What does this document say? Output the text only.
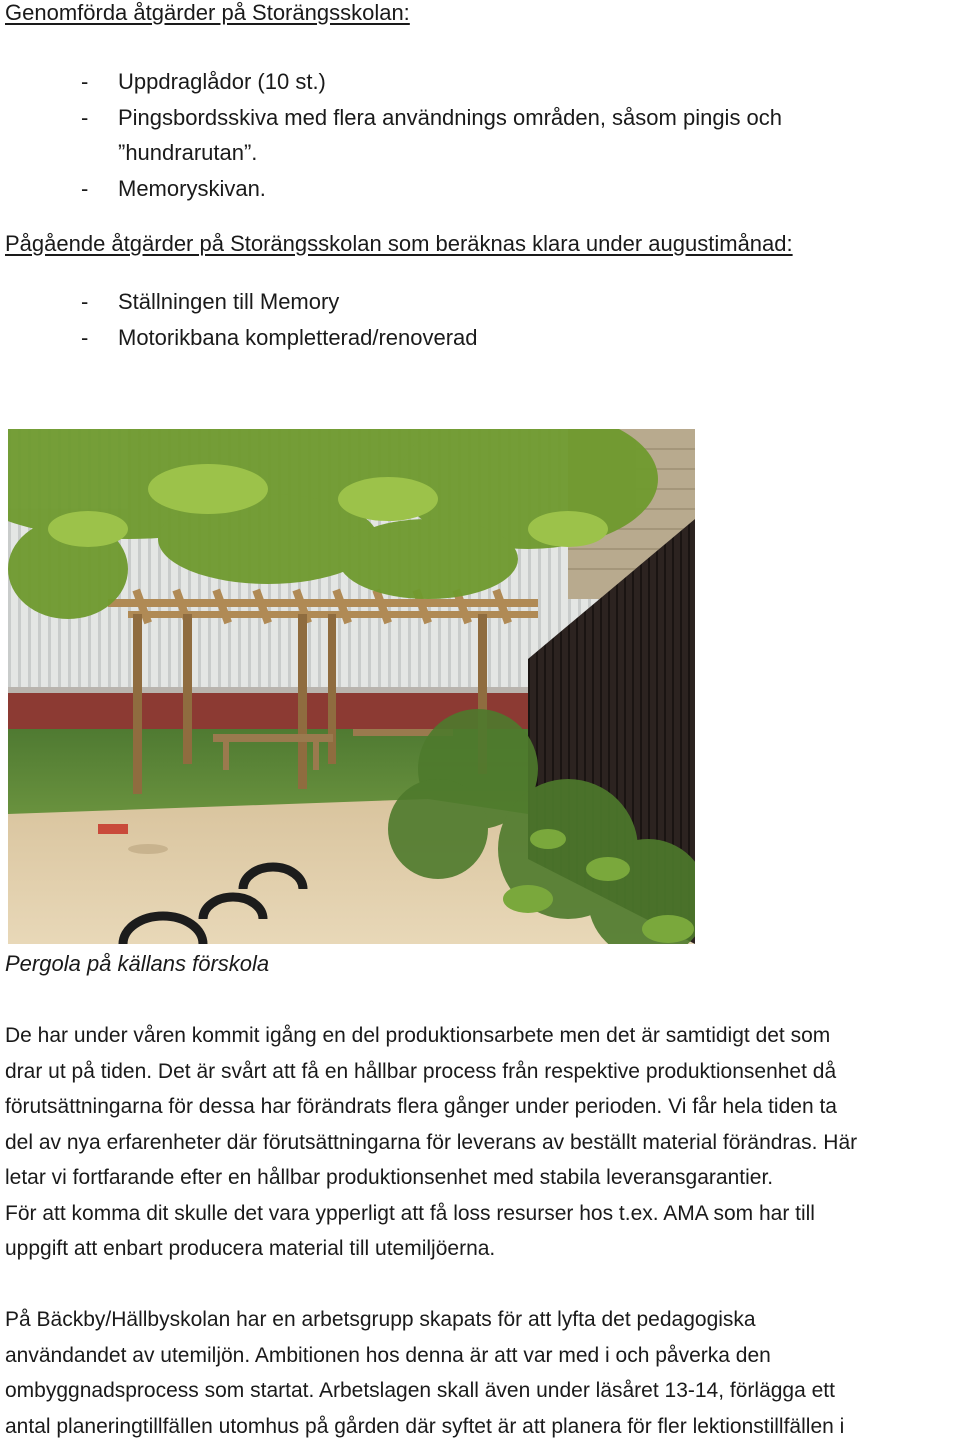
Genomförda åtgärder på Storängsskolan:
- Uppdraglådor (10 st.)

- Pingsbordsskiva med flera användnings områden, såsom pingis och

”hundrarutan”.

- Memoryskivan.

Pågående åtgärder på Storängsskolan som beräknas klara under augustimånad:
- Ställningen till Memory

- Motorikbana kompletterad/renoverad

Pergola på källans förskola

De har under våren kommit igång en del produktionsarbete men det är samtidigt det som
drar ut på tiden. Det är svårt att få en hållbar process från respektive produktionsenhet då
förutsättningarna för dessa har förändrats flera gånger under perioden. Vi får hela tiden ta
del av nya erfarenheter där förutsättningarna för leverans av beställt material förändras. Här
letar vi fortfarande efter en hållbar produktionsenhet med stabila leveransgarantier.
För att komma dit skulle det vara ypperligt att få loss resurser hos t.ex. AMA som har till
uppgift att enbart producera material till utemiljöerna.
På Bäckby/Hällbyskolan har en arbetsgrupp skapats för att lyfta det pedagogiska
användandet av utemiljön. Ambitionen hos denna är att var med i och påverka den
ombyggnadsprocess som startat. Arbetslagen skall även under läsåret 13-14, förlägga ett
antal planeringtillfällen utomhus på gården där syftet är att planera för fler lektionstillfällen i
